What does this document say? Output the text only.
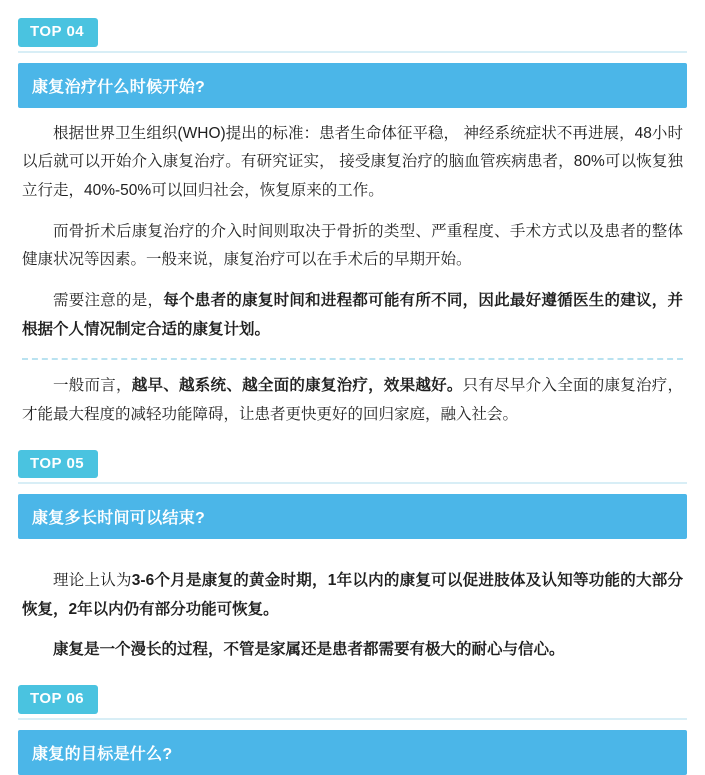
TOP 04
康复治疗什么时候开始?

根据世界卫生组织(WHO)提出的标准：患者生命体征平稳， 神经系统症状不再进展，48小时以后就可以开始介入康复治疗。有研究证实， 接受康复治疗的脑血管疾病患者，80%可以恢复独立行走，40%-50%可以回归社会，恢复原来的工作。

而骨折术后康复治疗的介入时间则取决于骨折的类型、严重程度、手术方式以及患者的整体健康状况等因素。一般来说，康复治疗可以在手术后的早期开始。

需要注意的是，每个患者的康复时间和进程都可能有所不同，因此最好遵循医生的建议，并根据个人情况制定合适的康复计划。

一般而言，越早、越系统、越全面的康复治疗，效果越好。只有尽早介入全面的康复治疗，才能最大程度的减轻功能障碍，让患者更快更好的回归家庭，融入社会。

TOP 05
康复多长时间可以结束?

理论上认为3-6个月是康复的黄金时期，1年以内的康复可以促进肢体及认知等功能的大部分恢复，2年以内仍有部分功能可恢复。

康复是一个漫长的过程，不管是家属还是患者都需要有极大的耐心与信心。

TOP 06
康复的目标是什么?
